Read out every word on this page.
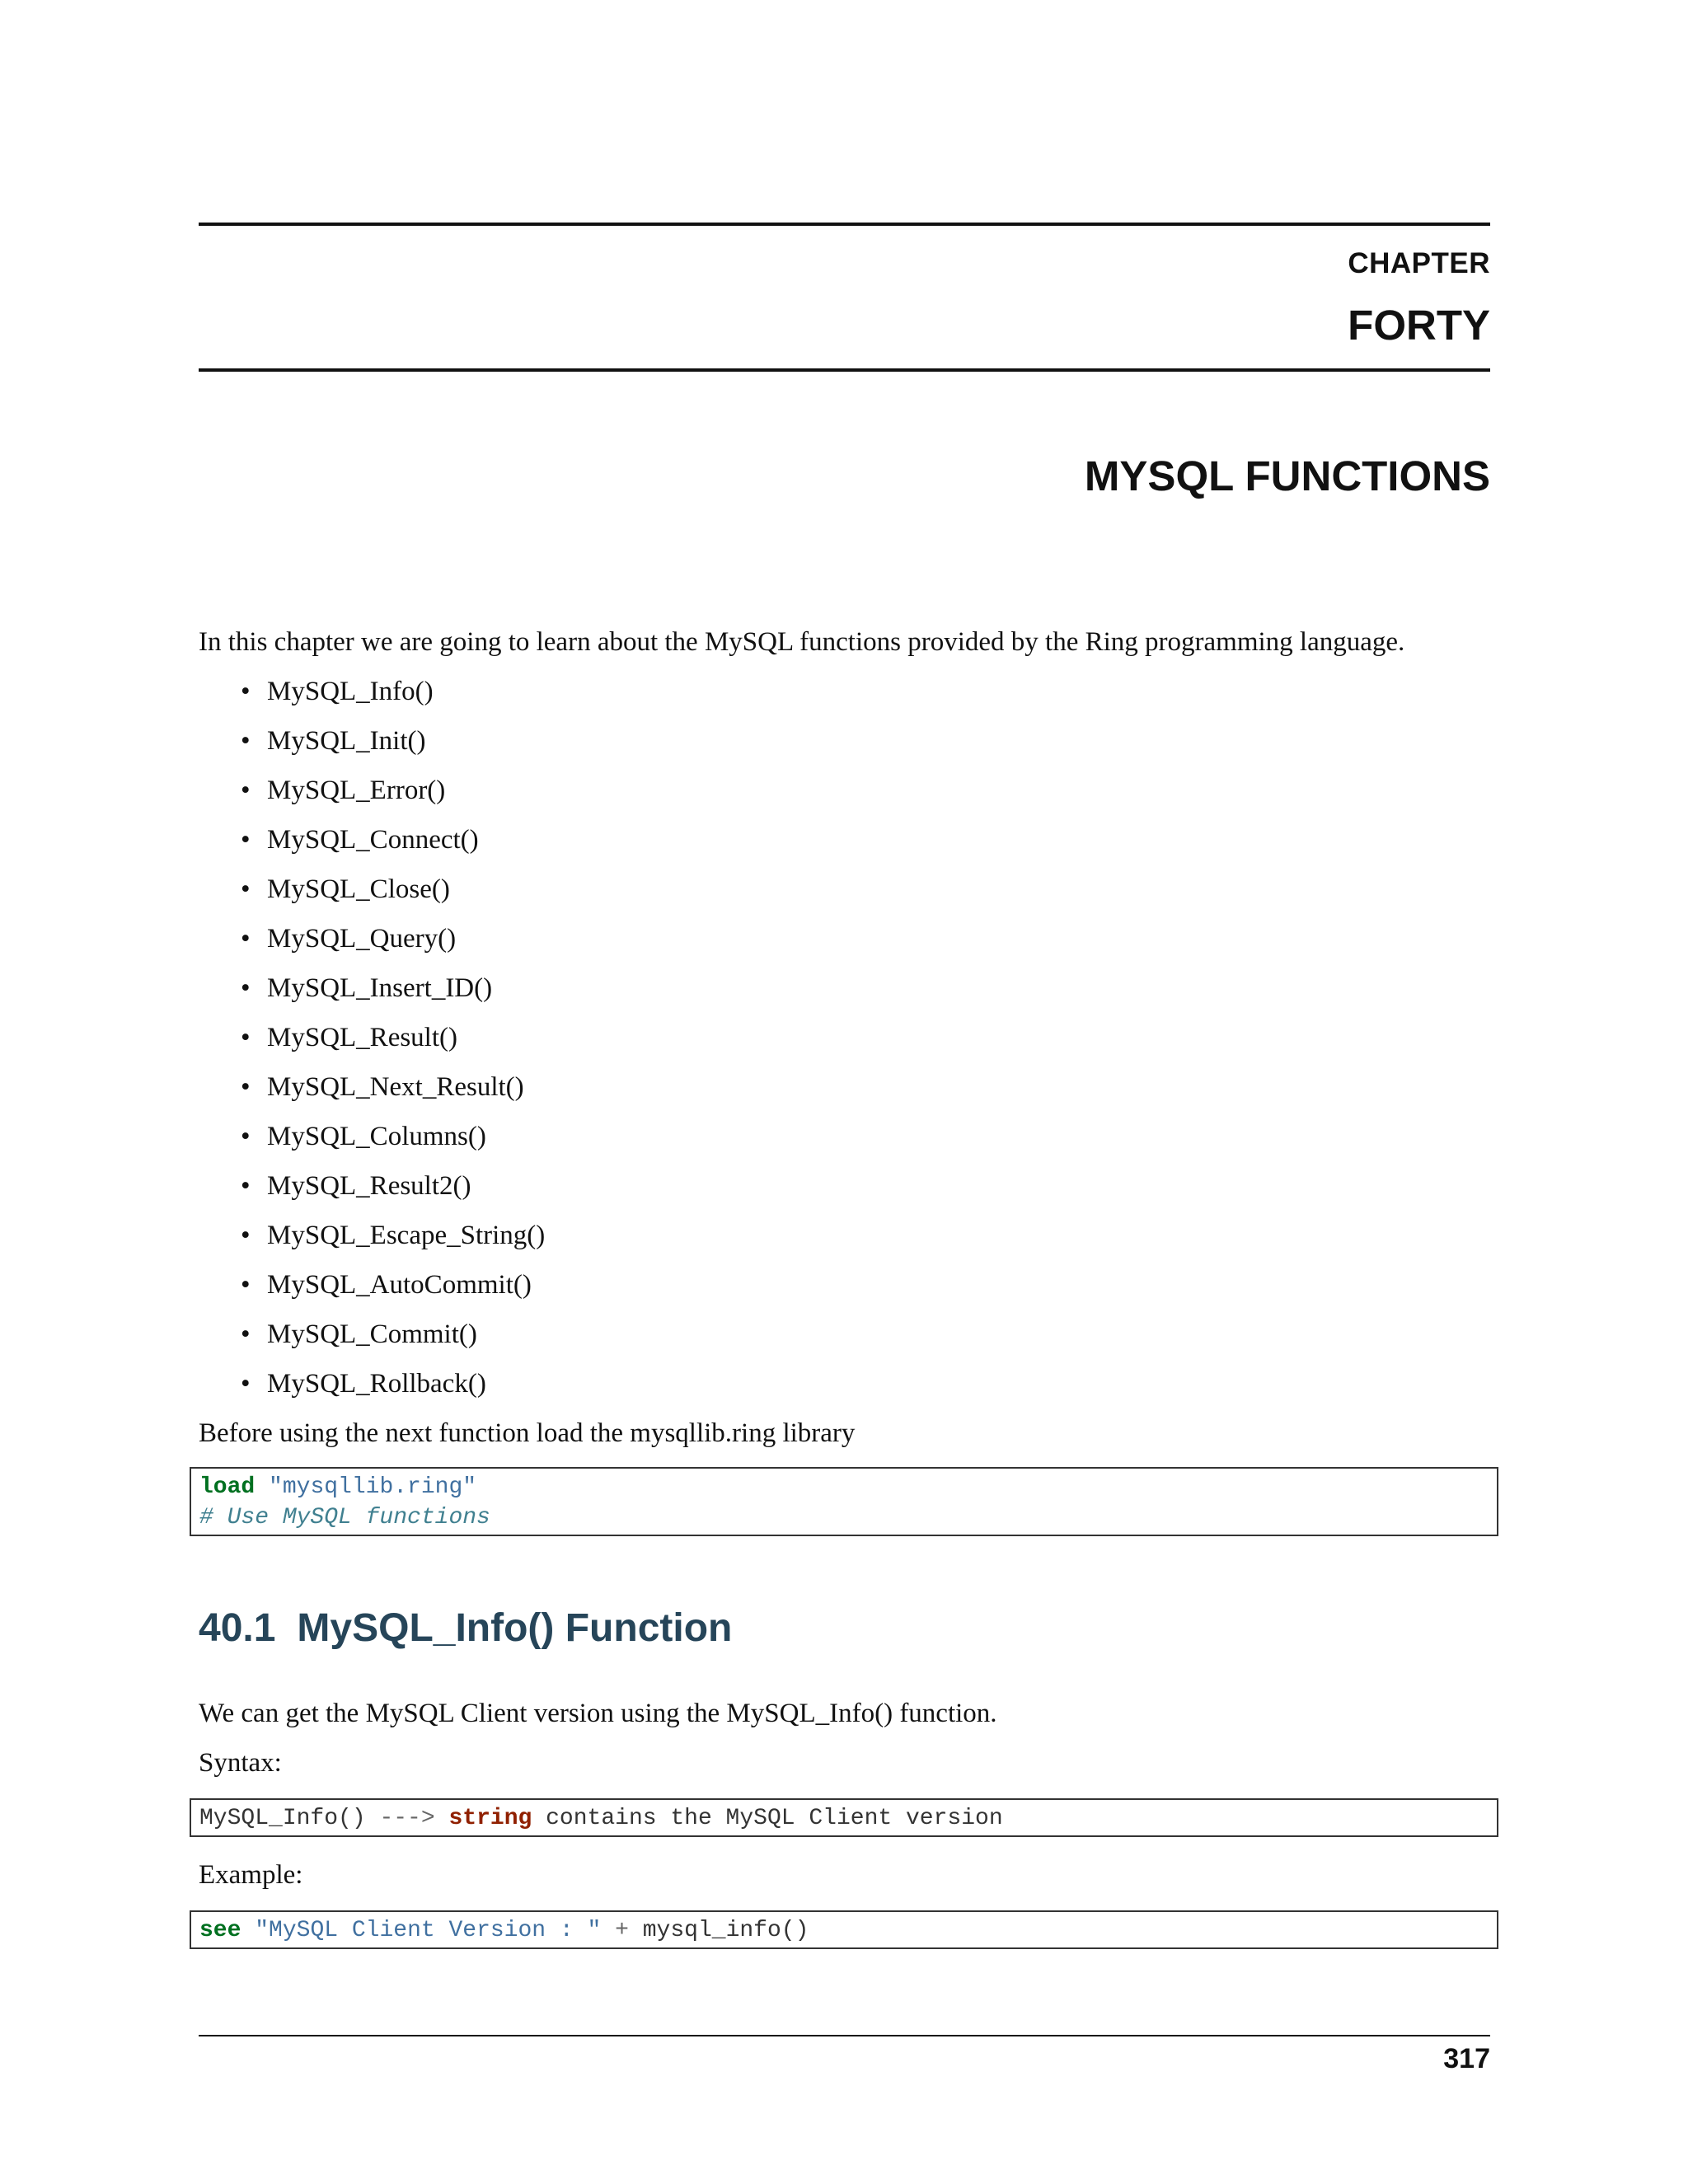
CHAPTER
FORTY
MYSQL FUNCTIONS
In this chapter we are going to learn about the MySQL functions provided by the Ring programming language.
• MySQL_Info()
• MySQL_Init()
• MySQL_Error()
• MySQL_Connect()
• MySQL_Close()
• MySQL_Query()
• MySQL_Insert_ID()
• MySQL_Result()
• MySQL_Next_Result()
• MySQL_Columns()
• MySQL_Result2()
• MySQL_Escape_String()
• MySQL_AutoCommit()
• MySQL_Commit()
• MySQL_Rollback()
Before using the next function load the mysqllib.ring library
load "mysqllib.ring"
# Use MySQL functions
40.1 MySQL_Info() Function
We can get the MySQL Client version using the MySQL_Info() function.
Syntax:
MySQL_Info() ---> string contains the MySQL Client version
Example:
see "MySQL Client Version : " + mysql_info()
317
